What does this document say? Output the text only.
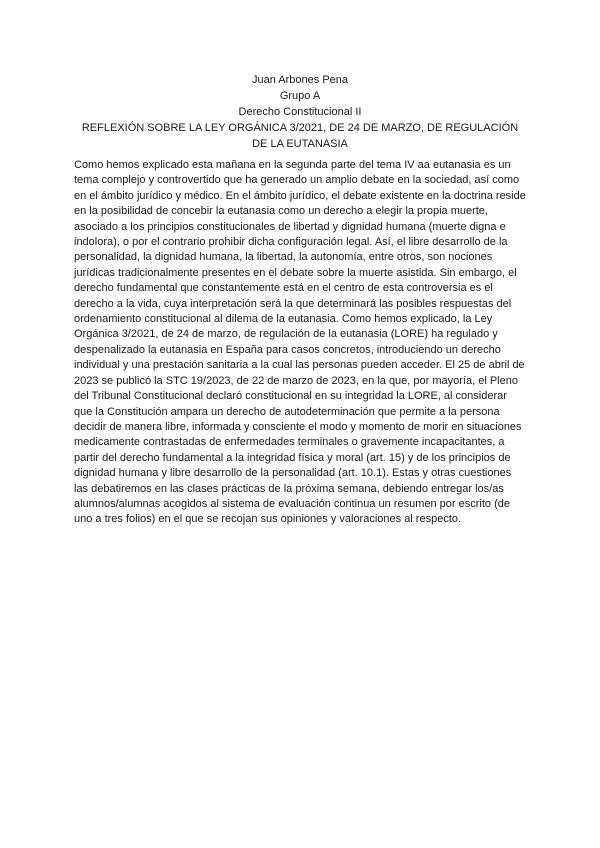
Juan Arbones Pena
Grupo A
Derecho Constitucional II
REFLEXIÓN SOBRE LA LEY ORGÁNICA 3/2021, DE 24 DE MARZO, DE REGULACIÓN
DE LA EUTANASIA

Como hemos explicado esta mañana en la segunda parte del tema IV aa eutanasia es un tema complejo y controvertido que ha generado un amplio debate en la sociedad, así como en el ámbito jurídico y médico. En el ámbito jurídico, el debate existente en la doctrina reside en la posibilidad de concebir la eutanasia como un derecho a elegir la propia muerte, asociado a los principios constitucionales de libertad y dignidad humana (muerte digna e indolora), o por el contrario prohibir dicha configuración legal. Así, el libre desarrollo de la personalidad, la dignidad humana, la libertad, la autonomía, entre otros, son nociones jurídicas tradicionalmente presentes en el debate sobre la muerte asistida. Sin embargo, el derecho fundamental que constantemente está en el centro de esta controversia es el derecho a la vida, cuya interpretación será la que determinará las posibles respuestas del ordenamiento constitucional al dilema de la eutanasia. Como hemos explicado, la Ley Orgánica 3/2021, de 24 de marzo, de regulación de la eutanasia (LORE) ha regulado y despenalizado la eutanasia en España para casos concretos, introduciendo un derecho individual y una prestación sanitaria a la cual las personas pueden acceder. El 25 de abril de 2023 se publicó la STC 19/2023, de 22 de marzo de 2023, en la que, por mayoría, el Pleno del Tribunal Constitucional declaró constitucional en su integridad la LORE, al considerar que la Constitución ampara un derecho de autodeterminación que permite a la persona decidir de manera libre, informada y consciente el modo y momento de morir en situaciones medicamente contrastadas de enfermedades terminales o gravemente incapacitantes, a partir del derecho fundamental a la integridad física y moral (art. 15) y de los principios de dignidad humana y libre desarrollo de la personalidad (art. 10.1). Estas y otras cuestiones las debatiremos en las clases prácticas de la próxima semana, debiendo entregar los/as alumnos/alumnas acogidos al sistema de evaluación continua un resumen por escrito (de uno a tres folios) en el que se recojan sus opiniones y valoraciones al respecto.
